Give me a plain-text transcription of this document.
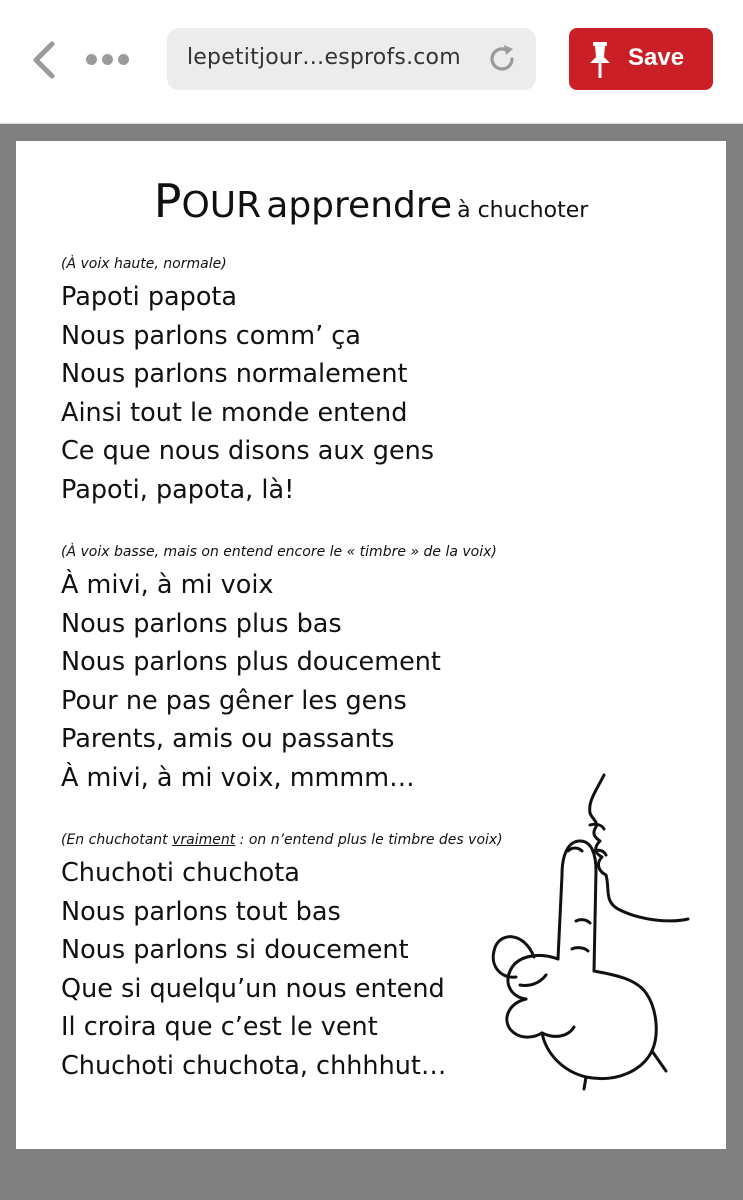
lepetitjour…esprofs.com	Save
POUR apprendre à chuchoter
(À voix haute, normale)
Papoti papota
Nous parlons comm’ ça
Nous parlons normalement
Ainsi tout le monde entend
Ce que nous disons aux gens
Papoti, papota, là!
(À voix basse, mais on entend encore le « timbre » de la voix)
À mivi, à mi voix
Nous parlons plus bas
Nous parlons plus doucement
Pour ne pas gêner les gens
Parents, amis ou passants
À mivi, à mi voix, mmmm…
(En chuchotant vraiment : on n’entend plus le timbre des voix)
Chuchoti chuchota
Nous parlons tout bas
Nous parlons si doucement
Que si quelqu’un nous entend
Il croira que c’est le vent
Chuchoti chuchota, chhhhut…
